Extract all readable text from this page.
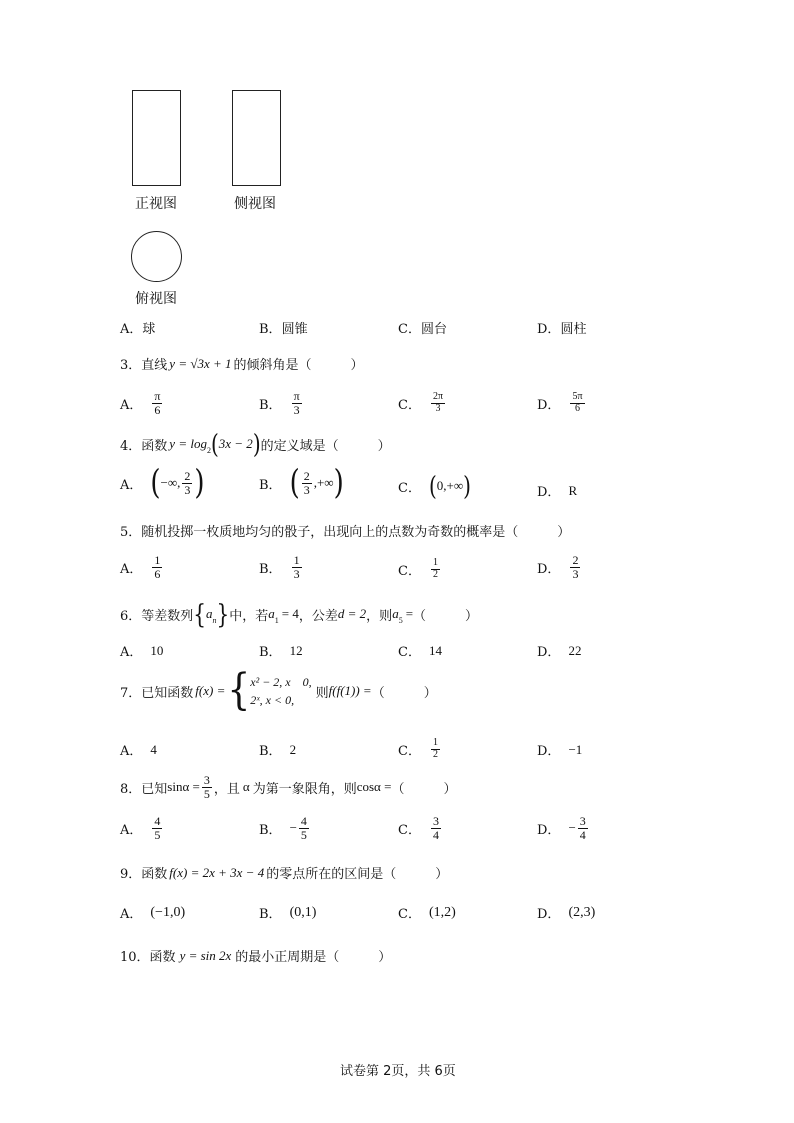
正视图	侧视图
俯视图
A． 球	B． 圆锥	C． 圆台	D． 圆柱
3． 直线 y = √3x + 1 的倾斜角是（　　　）
A． $\frac{\pi}{6}$	B． $\frac{\pi}{3}$	C． $\frac{2\pi}{3}$	D． $\frac{5\pi}{6}$
4． 函数 y = log 2 ( 3x − 2 ) 的定义域是（　　　）
A． ( −∞, $\frac{2}{3}$ )	B． ( $\frac{2}{3}$ ,+∞ )	C． ( 0,+∞ )	D． R
5． 随机投掷一枚质地均匀的骰子，出现向上的点数为奇数的概率是（　　　）
A． $\frac{1}{6}$	B． $\frac{1}{3}$	C． $\frac{1}{2}$	D． $\frac{2}{3}$
6． 等差数列 { a n } 中，若 a 1 = 4 ，公差 d = 2 ，则 a 5 = （　　　）
A． 10	B． 12	C． 14	D． 22
7． 已知函数 f(x) = { x² − 2, x　0,
2ˣ, x < 0,	则 f(f(1)) = （　　　）
A． 4	B． 2	C． $\frac{1}{2}$	D． −1
8． 已知 $\sin\alpha = \frac{3}{5}$ ，且 α 为第一象限角，则 cosα = （　　　）
A． $\frac{4}{5}$	B． − $\frac{4}{5}$	C． $\frac{3}{4}$	D． − $\frac{3}{4}$
9． 函数 f(x) = 2x + 3x − 4 的零点所在的区间是（　　　）
A． (−1,0)	B． (0,1)	C． (1,2)	D． (2,3)
10． 函数 y = sin 2x 的最小正周期是（　　　）
试卷第 2页，共 6页
